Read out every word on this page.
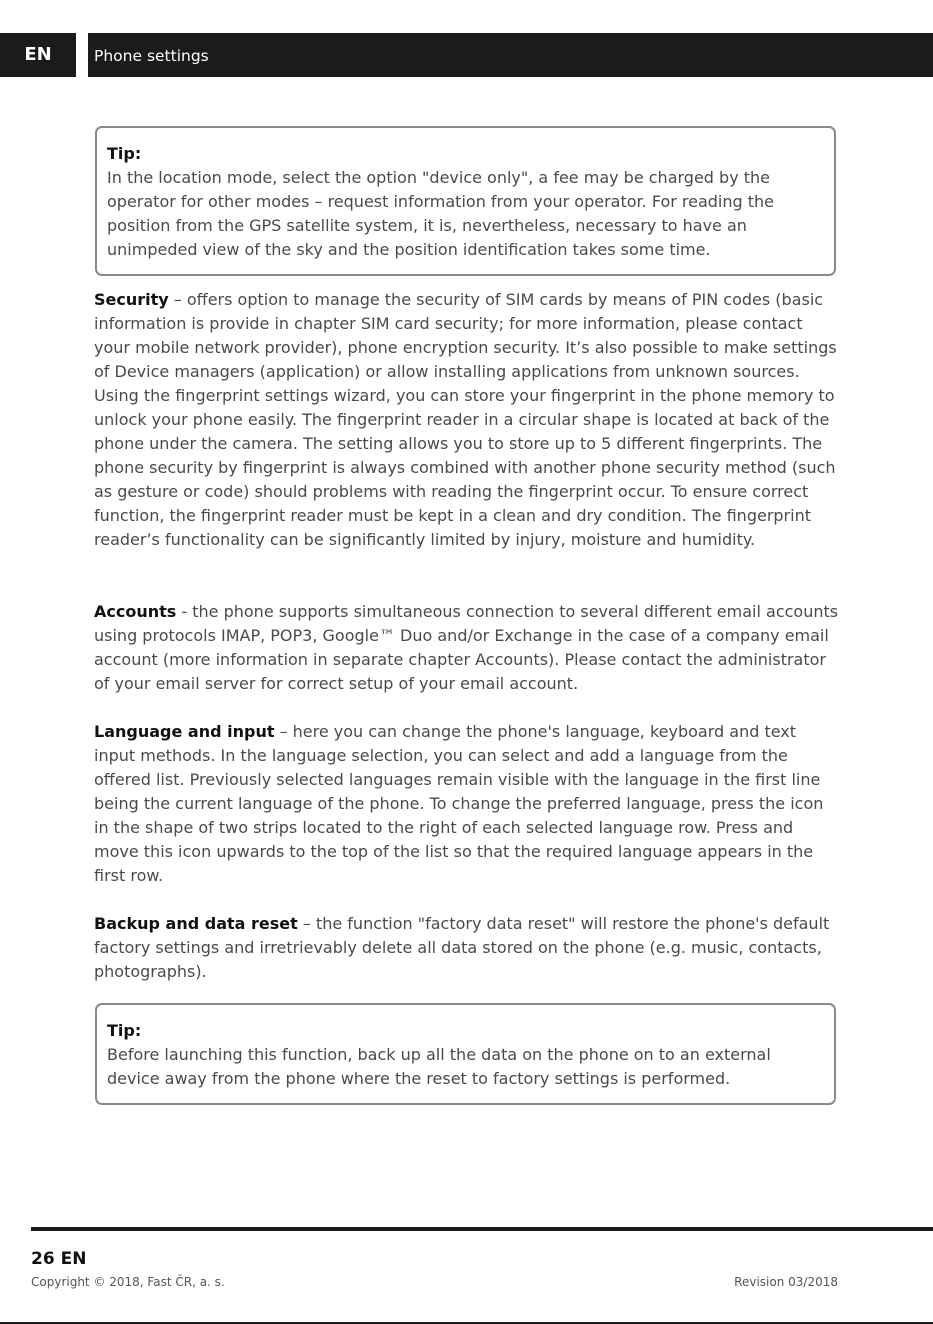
EN	Phone settings
Tip:
In the location mode, select the option "device only", a fee may be charged by the operator for other modes – request information from your operator. For reading the position from the GPS satellite system, it is, nevertheless, necessary to have an unimpeded view of the sky and the position identification takes some time.

Security – offers option to manage the security of SIM cards by means of PIN codes (basic information is provide in chapter SIM card security; for more information, please contact your mobile network provider), phone encryption security. It’s also possible to make settings of Device managers (application) or allow installing applications from unknown sources. Using the fingerprint settings wizard, you can store your fingerprint in the phone memory to unlock your phone easily. The fingerprint reader in a circular shape is located at back of the phone under the camera. The setting allows you to store up to 5 different fingerprints. The phone security by fingerprint is always combined with another phone security method (such as gesture or code) should problems with reading the fingerprint occur. To ensure correct function, the fingerprint reader must be kept in a clean and dry condition. The fingerprint reader’s functionality can be significantly limited by injury, moisture and humidity.

Accounts - the phone supports simultaneous connection to several different email accounts using protocols IMAP, POP3, Google™ Duo and/or Exchange in the case of a company email account (more information in separate chapter Accounts). Please contact the administrator of your email server for correct setup of your email account.

Language and input – here you can change the phone's language, keyboard and text input methods. In the language selection, you can select and add a language from the offered list. Previously selected languages remain visible with the language in the first line being the current language of the phone. To change the preferred language, press the icon in the shape of two strips located to the right of each selected language row. Press and move this icon upwards to the top of the list so that the required language appears in the first row.

Backup and data reset – the function "factory data reset" will restore the phone's default factory settings and irretrievably delete all data stored on the phone (e.g. music, contacts, photographs).

Tip:
Before launching this function, back up all the data on the phone on to an external device away from the phone where the reset to factory settings is performed.
26 EN
Copyright © 2018, Fast ČR, a. s.	Revision 03/2018
